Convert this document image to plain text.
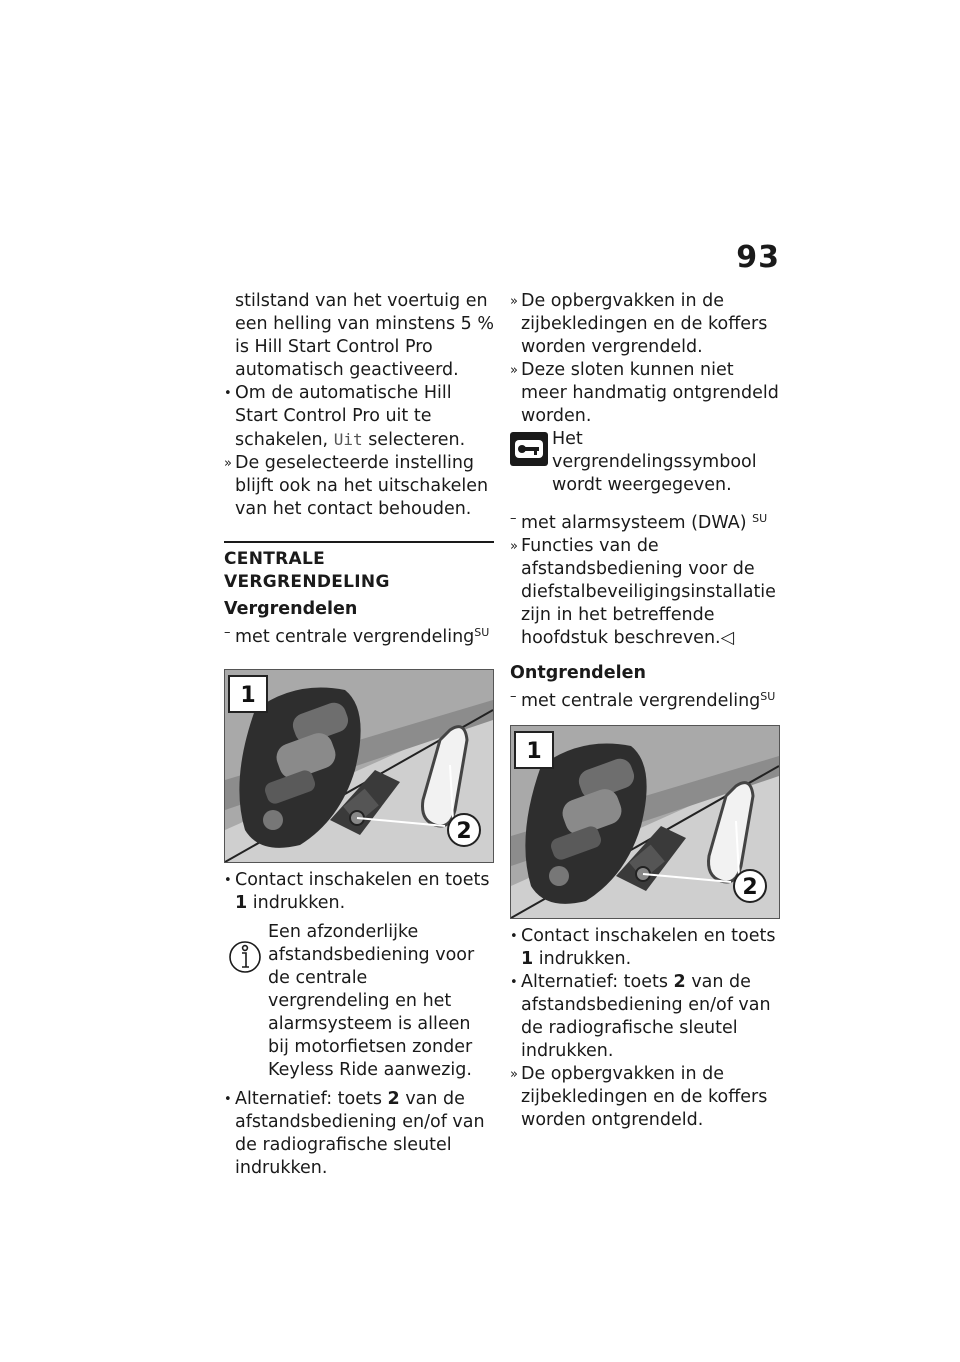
93

stilstand van het voertuig en een helling van minstens 5 % is Hill Start Control Pro automatisch geactiveerd.

• Om de automatische Hill Start Control Pro uit te schakelen, Uit selecteren.
» De geselecteerde instelling blijft ook na het uitschakelen van het contact behouden.
CENTRALE VERGRENDELING
Vergrendelen
– met centrale vergrendeling$^{SU}$
1
2
• Contact inschakelen en toets 1 indrukken.
Een afzonderlijke afstandsbediening voor de centrale vergrendeling en het alarmsysteem is alleen bij motorfietsen zonder Keyless Ride aanwezig.
• Alternatief: toets 2 van de afstandsbediening en/of van de radiografische sleutel indrukken.
» De opbergvakken in de zijbekledingen en de koffers worden vergrendeld.
» Deze sloten kunnen niet meer handmatig ontgrendeld worden.
Het vergrendelingssymbool wordt weergegeven.
– met alarmsysteem (DWA) $^{SU}$
» Functies van de afstandsbediening voor de diefstalbeveiligingsinstallatie zijn in het betreffende hoofdstuk beschreven.◁
Ontgrendelen
– met centrale vergrendeling$^{SU}$
1
2
• Contact inschakelen en toets 1 indrukken.
• Alternatief: toets 2 van de afstandsbediening en/of van de radiografische sleutel indrukken.
» De opbergvakken in de zijbekledingen en de koffers worden ontgrendeld.
